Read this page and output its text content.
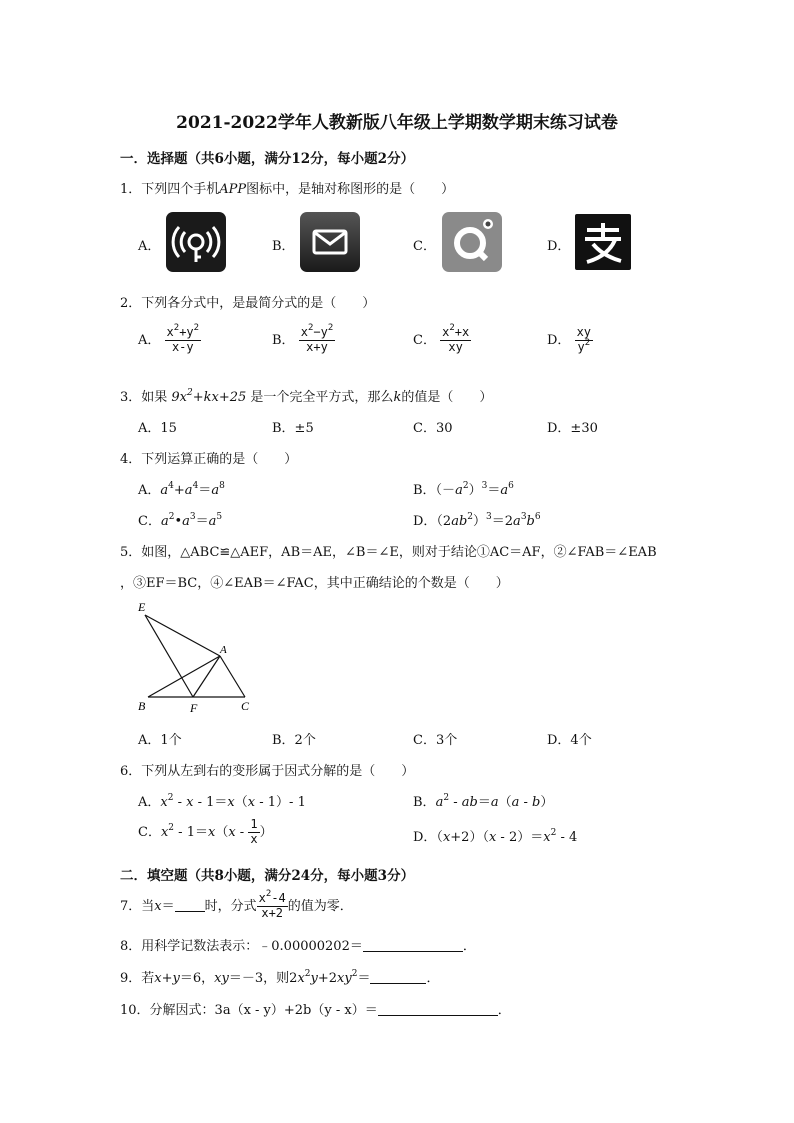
2021-2022学年人教新版八年级上学期数学期末练习试卷
一．选择题（共6小题，满分12分，每小题2分）
1．下列四个手机APP图标中，是轴对称图形的是（　　）
A．	B．	C．	D．
2．下列各分式中，是最简分式的是（　　）
A． $\frac{x^2+y^2}{x-y}$	B． $\frac{x^2-y^2}{x+y}$	C． $\frac{x^2+x}{xy}$	D． $\frac{xy}{y^2}$
3．如果 $9x^2+kx+25$ 是一个完全平方式，那么k的值是（　　）
A．15	B．±5	C．30	D．±30
4．下列运算正确的是（　　）
A．$a^4+a^4=a^8$	B．$(-a^2)^3=a^6$
C．$a^2•a^3=a^5$	D．$(2ab^2)^3=2a^3b^6$
5．如图，△ABC≌△AEF，AB＝AE，∠B＝∠E，则对于结论①AC＝AF，②∠FAB＝∠EAB
，③EF＝BC，④∠EAB＝∠FAC，其中正确结论的个数是（　　）
E
A
B	F	C
A．1个	B．2个	C．3个	D．4个
6．下列从左到右的变形属于因式分解的是（　　）
A．$x^2 - x - 1=x(x - 1)-$ 1	B．$a^2 - ab=a(a - b)$
C．$x^2 - 1=x(x - \frac{1}{x}$ ）	D．$(x+2)(x - 2)=x^2 - 4$
二．填空题（共8小题，满分24分，每小题3分）
7．当x＝ 时，分式 $\frac{x^2-4}{x+2}$ 的值为零．
8．用科学记数法表示：﹣0.00000202＝	．
9．若x+y＝6，xy＝－3，则$2x^2y+2xy^2=$	．
10．分解因式：3a（x - y）+2b（y - x）＝	．
